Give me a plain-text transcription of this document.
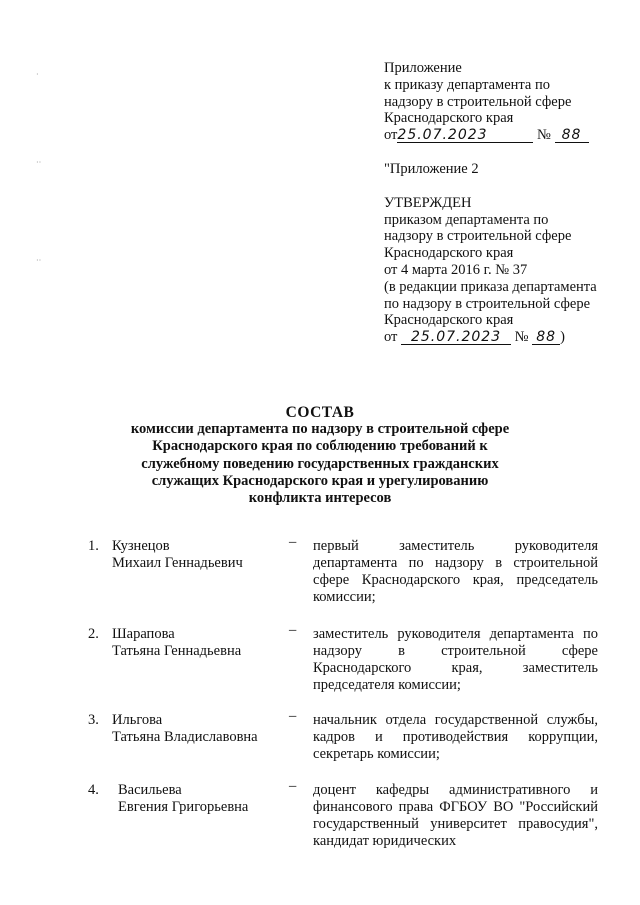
·
··
··
Приложение
к приказу департамента по
надзору в строительной сфере
Краснодарского края
от25.07.2023	№ 88
"Приложение 2
УТВЕРЖДЕН
приказом департамента по
надзору в строительной сфере
Краснодарского края
от 4 марта 2016 г. № 37
(в редакции приказа департамента
по надзору в строительной сфере
Краснодарского края
от 25.07.2023 № 88 )
СОСТАВ
комиссии департамента по надзору в строительной сфере
Краснодарского края по соблюдению требований к
служебному поведению государственных гражданских
служащих Краснодарского края и урегулированию
конфликта интересов
1. Кузнецов
Михаил Геннадьевич
– первый заместитель руководителя департамента по надзору в строительной сфере Краснодарского края, председатель комиссии;
2. Шарапова
Татьяна Геннадьевна
– заместитель руководителя департамента по надзору в строительной сфере Краснодарского края, заместитель председателя комиссии;
3. Ильгова
Татьяна Владиславовна
– начальник отдела государственной службы, кадров и противодействия коррупции, секретарь комиссии;
4. Васильева
Евгения Григорьевна
– доцент кафедры административного и финансового права ФГБОУ ВО "Российский государственный университет правосудия", кандидат юридических
